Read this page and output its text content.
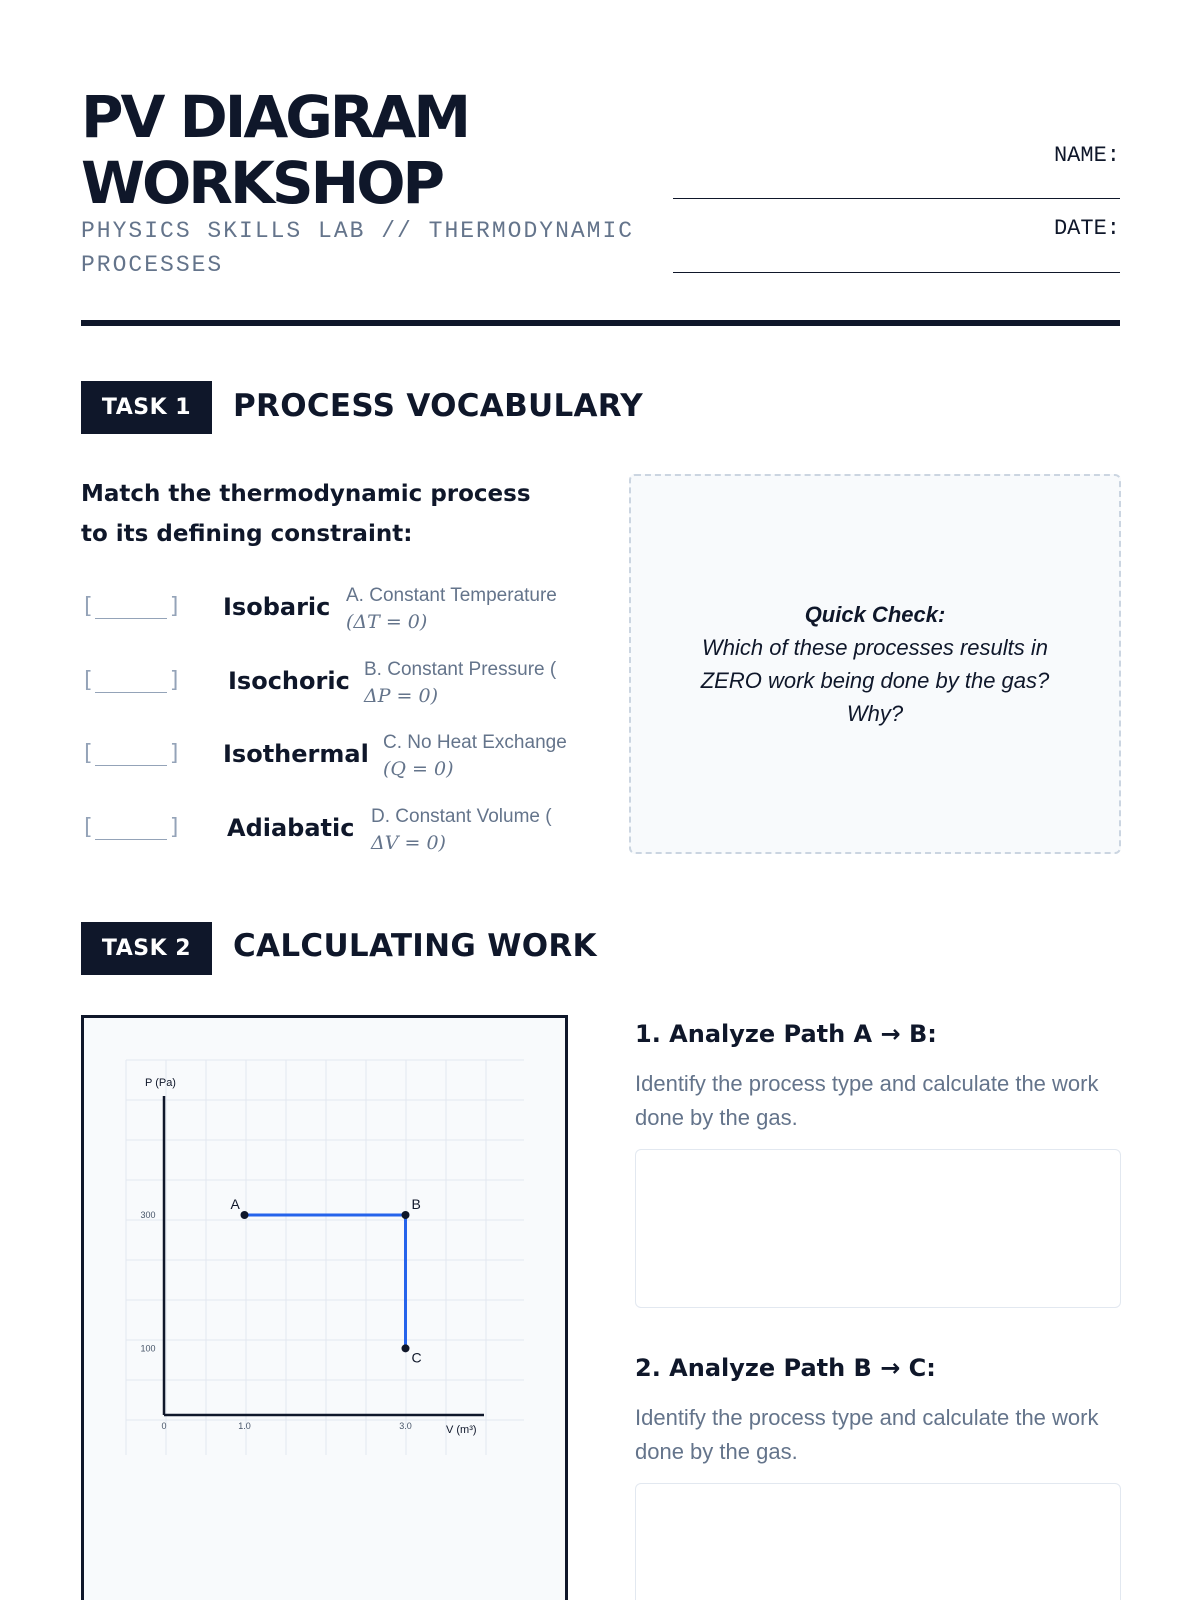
PV DIAGRAM
WORKSHOP
PHYSICS SKILLS LAB // THERMODYNAMIC PROCESSES
NAME:
DATE:
TASK 1	PROCESS VOCABULARY
Match the thermodynamic process to its defining constraint:
[	] Isobaric A. Constant Temperature
(ΔT = 0)
[	] Isochoric B. Constant Pressure (
ΔP = 0)
[	] Isothermal C. No Heat Exchange
(Q = 0)
[	] Adiabatic D. Constant Volume (
ΔV = 0)
Quick Check:
Which of these processes results in ZERO work being done by the gas? Why?
TASK 2	CALCULATING WORK
P (Pa)
V (m³)
0	1.0	3.0
300
100
A	B
C
1. Analyze Path A → B:
Identify the process type and calculate the work done by the gas.
2. Analyze Path B → C:
Identify the process type and calculate the work done by the gas.
